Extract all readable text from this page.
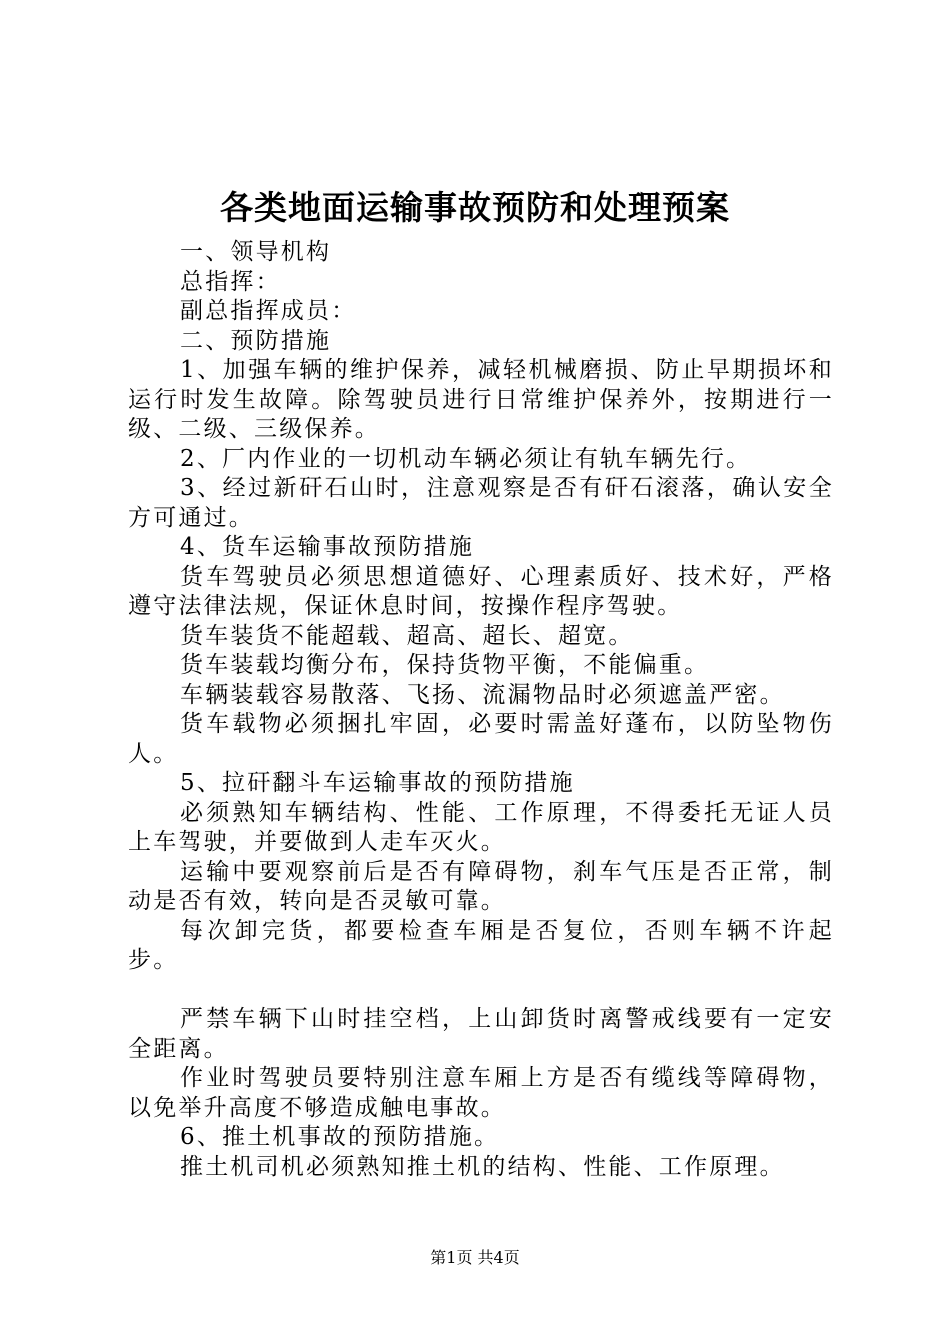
各类地面运输事故预防和处理预案

一、领导机构

总指挥：

副总指挥成员：

二、预防措施

1、加强车辆的维护保养，减轻机械磨损、防止早期损坏和运行时发生故障。除驾驶员进行日常维护保养外，按期进行一级、二级、三级保养。

2、厂内作业的一切机动车辆必须让有轨车辆先行。

3、经过新矸石山时，注意观察是否有矸石滚落，确认安全方可通过。

4、货车运输事故预防措施

货车驾驶员必须思想道德好、心理素质好、技术好，严格遵守法律法规，保证休息时间，按操作程序驾驶。

货车装货不能超载、超高、超长、超宽。

货车装载均衡分布，保持货物平衡，不能偏重。

车辆装载容易散落、飞扬、流漏物品时必须遮盖严密。

货车载物必须捆扎牢固，必要时需盖好蓬布，以防坠物伤人。

5、拉矸翻斗车运输事故的预防措施

必须熟知车辆结构、性能、工作原理，不得委托无证人员上车驾驶，并要做到人走车灭火。

运输中要观察前后是否有障碍物，刹车气压是否正常，制动是否有效，转向是否灵敏可靠。

每次卸完货，都要检查车厢是否复位，否则车辆不许起步。

严禁车辆下山时挂空档，上山卸货时离警戒线要有一定安全距离。

作业时驾驶员要特别注意车厢上方是否有缆线等障碍物，以免举升高度不够造成触电事故。

6、推土机事故的预防措施。

推土机司机必须熟知推土机的结构、性能、工作原理。

第1页 共4页
